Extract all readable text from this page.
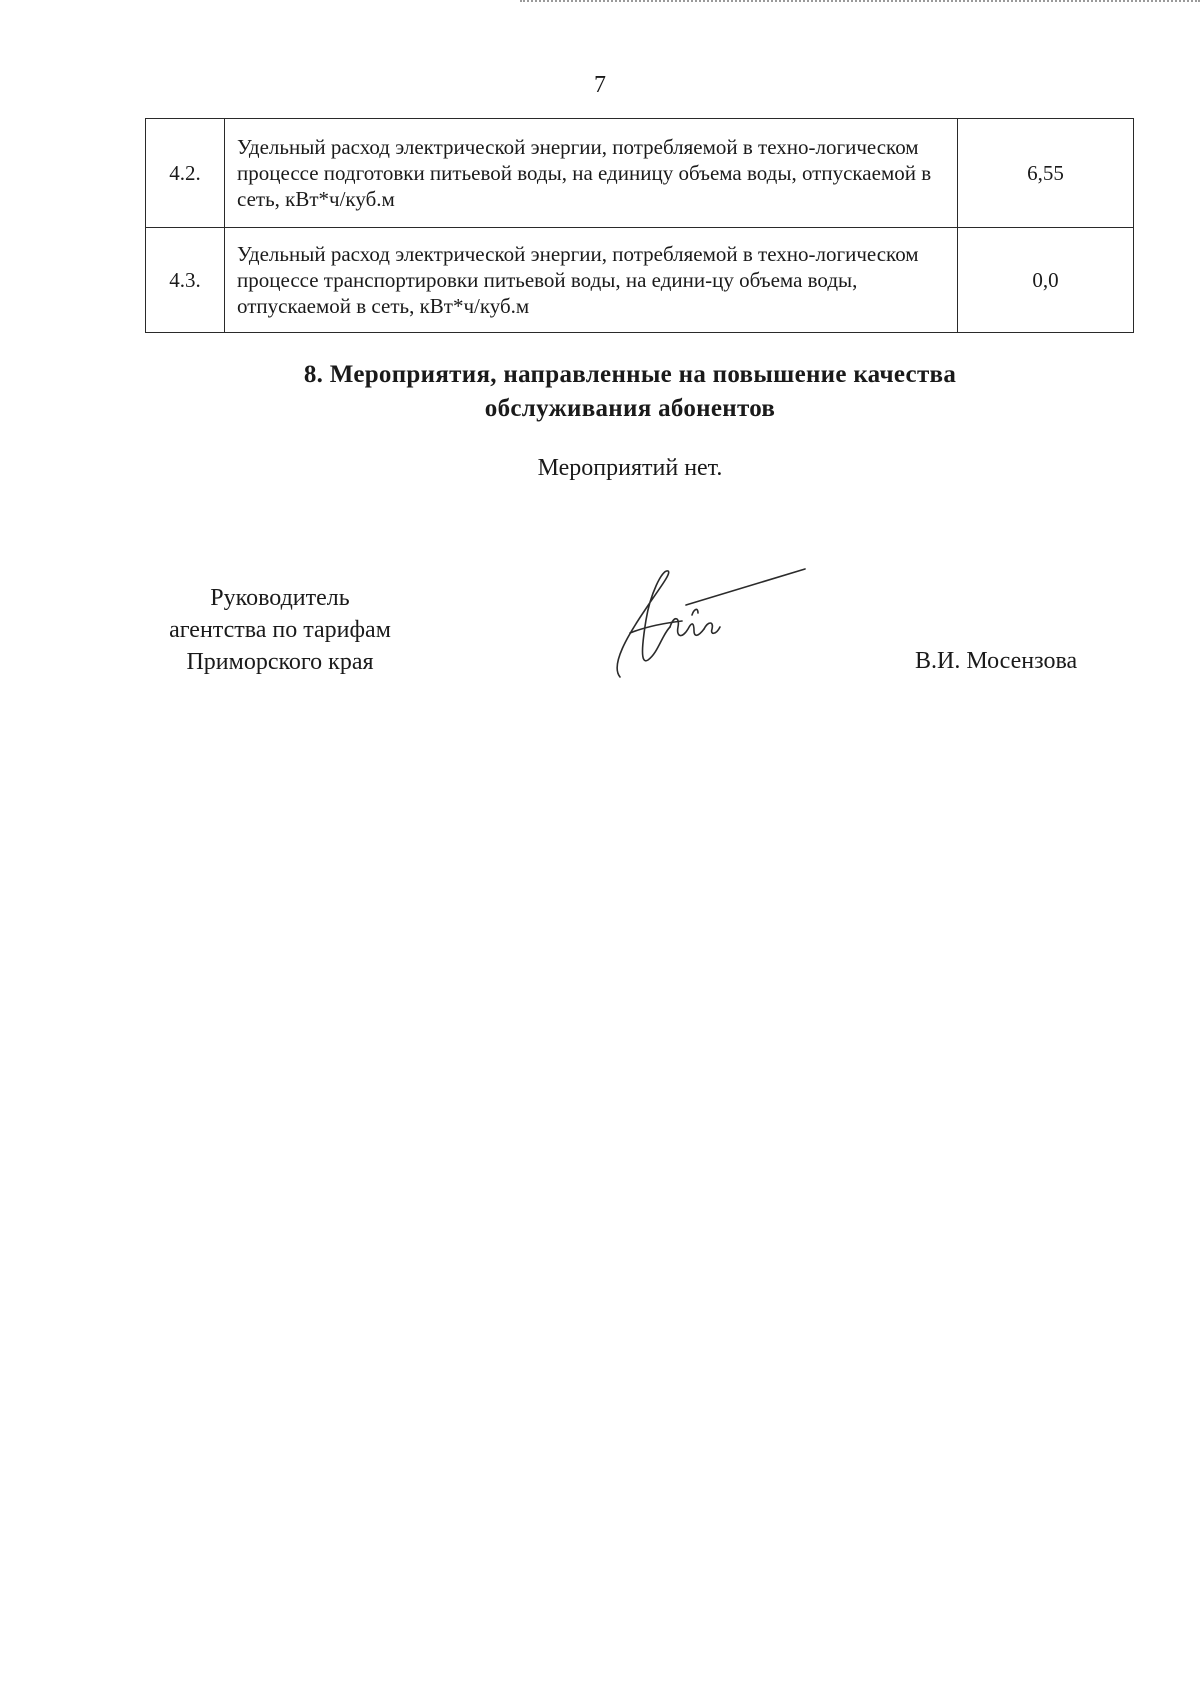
7
4.2.	Удельный расход электрической энергии, потребляемой в техно-логическом процессе подготовки питьевой воды, на единицу объема воды, отпускаемой в сеть, кВт*ч/куб.м	6,55
4.3.	Удельный расход электрической энергии, потребляемой в техно-логическом процессе транспортировки питьевой воды, на едини-цу объема воды, отпускаемой в сеть, кВт*ч/куб.м	0,0
8. Мероприятия, направленные на повышение качества
обслуживания абонентов
Мероприятий нет.
Руководитель
агентства по тарифам
Приморского края	В.И. Мосензова
